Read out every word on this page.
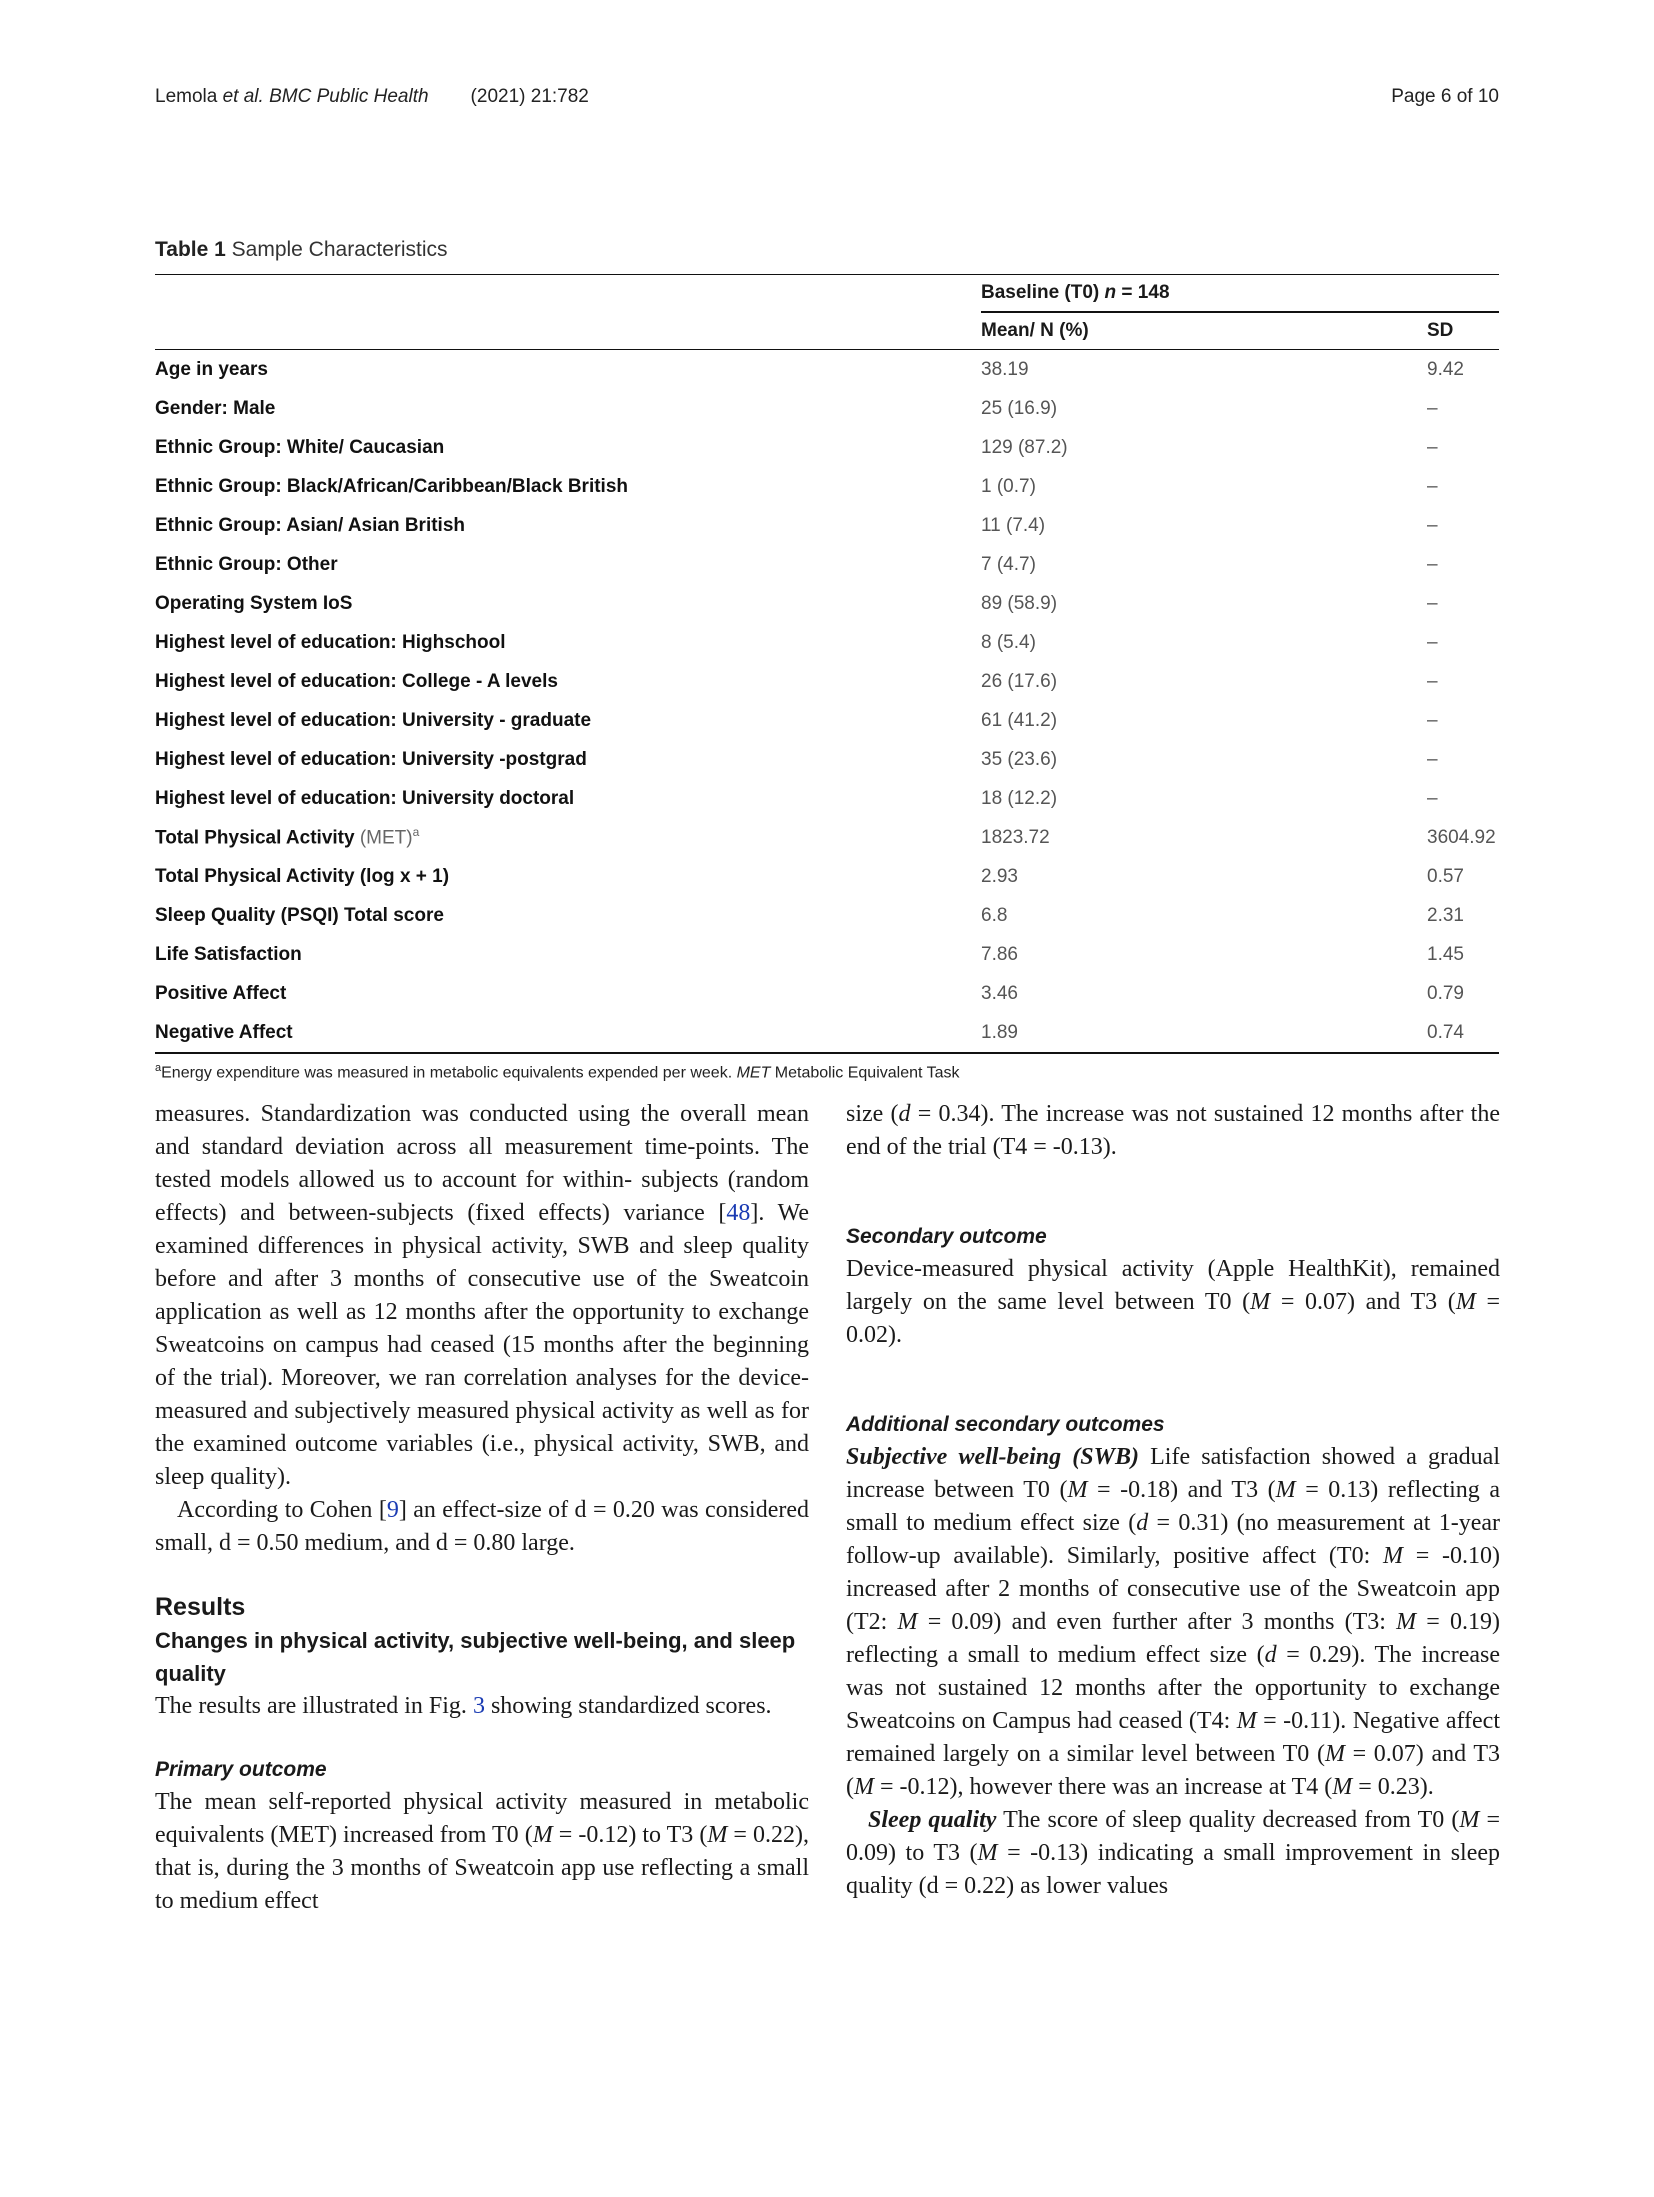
Lemola et al. BMC Public Health (2021) 21:782	Page 6 of 10
Table 1 Sample Characteristics
	Baseline (T0) n = 148	
	Mean/ N (%)	SD
Age in years	38.19	9.42
Gender: Male	25 (16.9)	–
Ethnic Group: White/ Caucasian	129 (87.2)	–
Ethnic Group: Black/African/Caribbean/Black British	1 (0.7)	–
Ethnic Group: Asian/ Asian British	11 (7.4)	–
Ethnic Group: Other	7 (4.7)	–
Operating System IoS	89 (58.9)	–
Highest level of education: Highschool	8 (5.4)	–
Highest level of education: College - A levels	26 (17.6)	–
Highest level of education: University - graduate	61 (41.2)	–
Highest level of education: University -postgrad	35 (23.6)	–
Highest level of education: University doctoral	18 (12.2)	–
Total Physical Activity (MET)$^a$	1823.72	3604.92
Total Physical Activity (log x + 1)	2.93	0.57
Sleep Quality (PSQI) Total score	6.8	2.31
Life Satisfaction	7.86	1.45
Positive Affect	3.46	0.79
Negative Affect	1.89	0.74
$^a$Energy expenditure was measured in metabolic equivalents expended per week. MET Metabolic Equivalent Task

measures. Standardization was conducted using the overall mean and standard deviation across all measurement time-points. The tested models allowed us to account for within- subjects (random effects) and between-subjects (fixed effects) variance [48]. We examined differences in physical activity, SWB and sleep quality before and after 3 months of consecutive use of the Sweatcoin application as well as 12 months after the opportunity to exchange Sweatcoins on campus had ceased (15 months after the beginning of the trial). Moreover, we ran correlation analyses for the device-measured and subjectively measured physical activity as well as for the examined outcome variables (i.e., physical activity, SWB, and sleep quality).

According to Cohen [9] an effect-size of d = 0.20 was considered small, d = 0.50 medium, and d = 0.80 large.

Results
Changes in physical activity, subjective well-being, and sleep quality

The results are illustrated in Fig. 3 showing standardized scores.

Primary outcome

The mean self-reported physical activity measured in metabolic equivalents (MET) increased from T0 (M = -0.12) to T3 (M = 0.22), that is, during the 3 months of Sweatcoin app use reflecting a small to medium effect

size (d = 0.34). The increase was not sustained 12 months after the end of the trial (T4 = -0.13).

Secondary outcome

Device-measured physical activity (Apple HealthKit), remained largely on the same level between T0 (M = 0.07) and T3 (M = 0.02).

Additional secondary outcomes

Subjective well-being (SWB) Life satisfaction showed a gradual increase between T0 (M = -0.18) and T3 (M = 0.13) reflecting a small to medium effect size (d = 0.31) (no measurement at 1-year follow-up available). Similarly, positive affect (T0: M = -0.10) increased after 2 months of consecutive use of the Sweatcoin app (T2: M = 0.09) and even further after 3 months (T3: M = 0.19) reflecting a small to medium effect size (d = 0.29). The increase was not sustained 12 months after the opportunity to exchange Sweatcoins on Campus had ceased (T4: M = -0.11). Negative affect remained largely on a similar level between T0 (M = 0.07) and T3 (M = -0.12), however there was an increase at T4 (M = 0.23).

Sleep quality The score of sleep quality decreased from T0 (M = 0.09) to T3 (M = -0.13) indicating a small improvement in sleep quality (d = 0.22) as lower values
